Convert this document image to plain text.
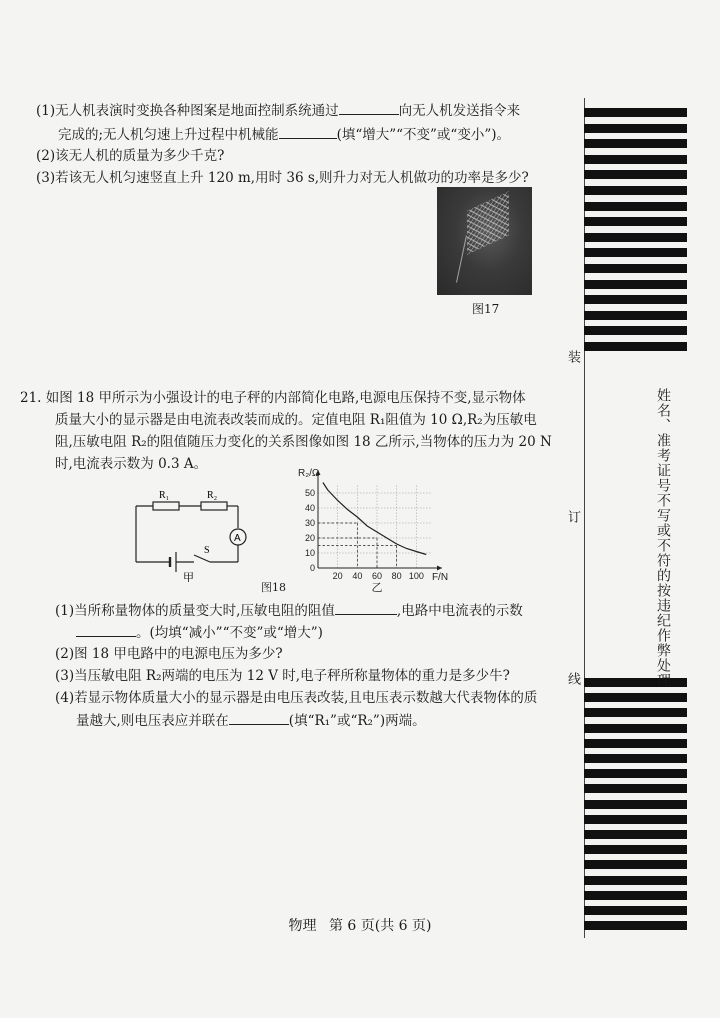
(1)无人机表演时变换各种图案是地面控制系统通过	向无人机发送指令来
完成的;无人机匀速上升过程中机械能	(填“增大”“不变”或“变小”)。
(2)该无人机的质量为多少千克?
(3)若该无人机匀速竖直上升 120 m,用时 36 s,则升力对无人机做功的功率是多少?
图17
21. 如图 18 甲所示为小强设计的电子秤的内部简化电路,电源电压保持不变,显示物体
质量大小的显示器是由电流表改装而成的。定值电阻 R₁阻值为 10 Ω,R₂为压敏电
阻,压敏电阻 R₂的阻值随压力变化的关系图像如图 18 乙所示,当物体的压力为 20 N
时,电流表示数为 0.3 A。
R₁	R₂
A
S
甲
10
20
30
40
50
20 40 60 80 100
0
R₂/Ω
F/N
乙
图18
(1)当所称量物体的质量变大时,压敏电阻的阻值	,电路中电流表的示数
。(均填“减小”“不变”或“增大”)
(2)图 18 甲电路中的电源电压为多少?
(3)当压敏电阻 R₂两端的电压为 12 V 时,电子秤所称量物体的重力是多少牛?
(4)若显示物体质量大小的显示器是由电压表改装,且电压表示数越大代表物体的质
量越大,则电压表应并联在	(填“R₁”或“R₂”)两端。
物理 第 6 页(共 6 页)
装
订
线	姓名、准考证号不写或不符的按违纪作弊处理
